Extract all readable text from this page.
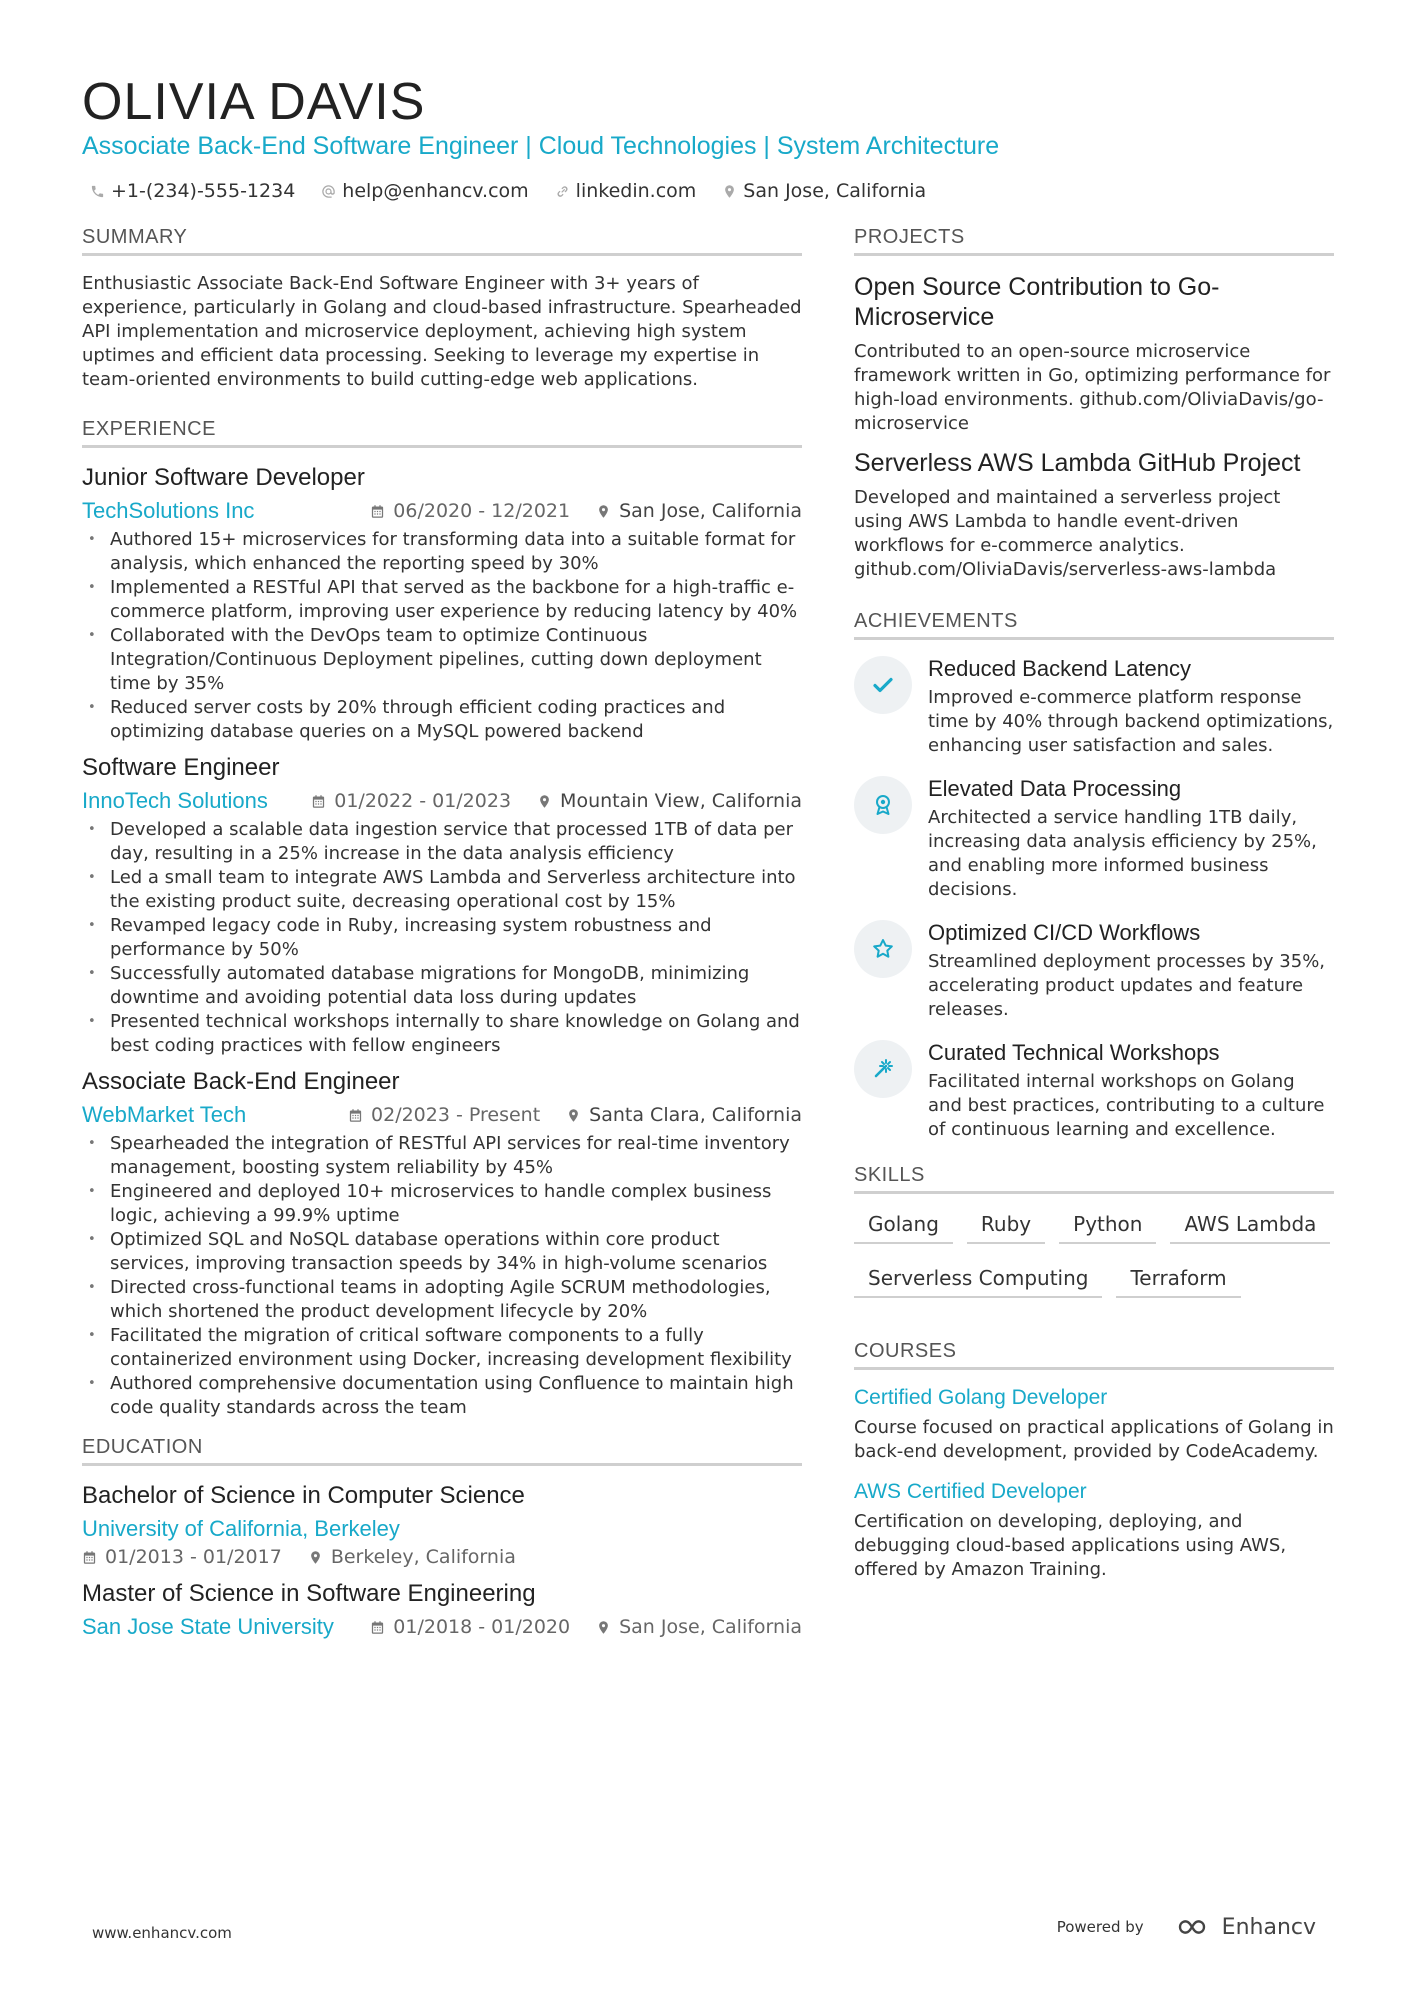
OLIVIA DAVIS
Associate Back-End Software Engineer | Cloud Technologies | System Architecture
+1-(234)-555-1234 help@enhancv.com linkedin.com San Jose, California
SUMMARY
Enthusiastic Associate Back-End Software Engineer with 3+ years of experience, particularly in Golang and cloud-based infrastructure. Spearheaded API implementation and microservice deployment, achieving high system uptimes and efficient data processing. Seeking to leverage my expertise in team-oriented environments to build cutting-edge web applications.
EXPERIENCE
Junior Software Developer
TechSolutions Inc	06/2020 - 12/2021	San Jose, California
• Authored 15+ microservices for transforming data into a suitable format for analysis, which enhanced the reporting speed by 30%
• Implemented a RESTful API that served as the backbone for a high-traffic e-commerce platform, improving user experience by reducing latency by 40%
• Collaborated with the DevOps team to optimize Continuous Integration/Continuous Deployment pipelines, cutting down deployment time by 35%
• Reduced server costs by 20% through efficient coding practices and optimizing database queries on a MySQL powered backend
Software Engineer
InnoTech Solutions	01/2022 - 01/2023	Mountain View, California
• Developed a scalable data ingestion service that processed 1TB of data per day, resulting in a 25% increase in the data analysis efficiency
• Led a small team to integrate AWS Lambda and Serverless architecture into the existing product suite, decreasing operational cost by 15%
• Revamped legacy code in Ruby, increasing system robustness and performance by 50%
• Successfully automated database migrations for MongoDB, minimizing downtime and avoiding potential data loss during updates
• Presented technical workshops internally to share knowledge on Golang and best coding practices with fellow engineers
Associate Back-End Engineer
WebMarket Tech	02/2023 - Present	Santa Clara, California
• Spearheaded the integration of RESTful API services for real-time inventory management, boosting system reliability by 45%
• Engineered and deployed 10+ microservices to handle complex business logic, achieving a 99.9% uptime
• Optimized SQL and NoSQL database operations within core product services, improving transaction speeds by 34% in high-volume scenarios
• Directed cross-functional teams in adopting Agile SCRUM methodologies, which shortened the product development lifecycle by 20%
• Facilitated the migration of critical software components to a fully containerized environment using Docker, increasing development flexibility
• Authored comprehensive documentation using Confluence to maintain high code quality standards across the team
EDUCATION
Bachelor of Science in Computer Science
University of California, Berkeley
01/2013 - 01/2017	Berkeley, California
Master of Science in Software Engineering
San Jose State University	01/2018 - 01/2020	San Jose, California
PROJECTS
Open Source Contribution to Go-Microservice
Contributed to an open-source microservice framework written in Go, optimizing performance for high-load environments. github.com/OliviaDavis/go-microservice
Serverless AWS Lambda GitHub Project
Developed and maintained a serverless project using AWS Lambda to handle event-driven workflows for e-commerce analytics. github.com/OliviaDavis/serverless-aws-lambda
ACHIEVEMENTS
Reduced Backend Latency
Improved e-commerce platform response time by 40% through backend optimizations, enhancing user satisfaction and sales.
Elevated Data Processing
Architected a service handling 1TB daily, increasing data analysis efficiency by 25%, and enabling more informed business decisions.
Optimized CI/CD Workflows
Streamlined deployment processes by 35%, accelerating product updates and feature releases.
Curated Technical Workshops
Facilitated internal workshops on Golang and best practices, contributing to a culture of continuous learning and excellence.
SKILLS
Golang	Ruby	Python	AWS Lambda
Serverless Computing	Terraform
COURSES
Certified Golang Developer
Course focused on practical applications of Golang in back-end development, provided by CodeAcademy.
AWS Certified Developer
Certification on developing, deploying, and debugging cloud-based applications using AWS, offered by Amazon Training.
www.enhancv.com	Powered by	Enhancv
